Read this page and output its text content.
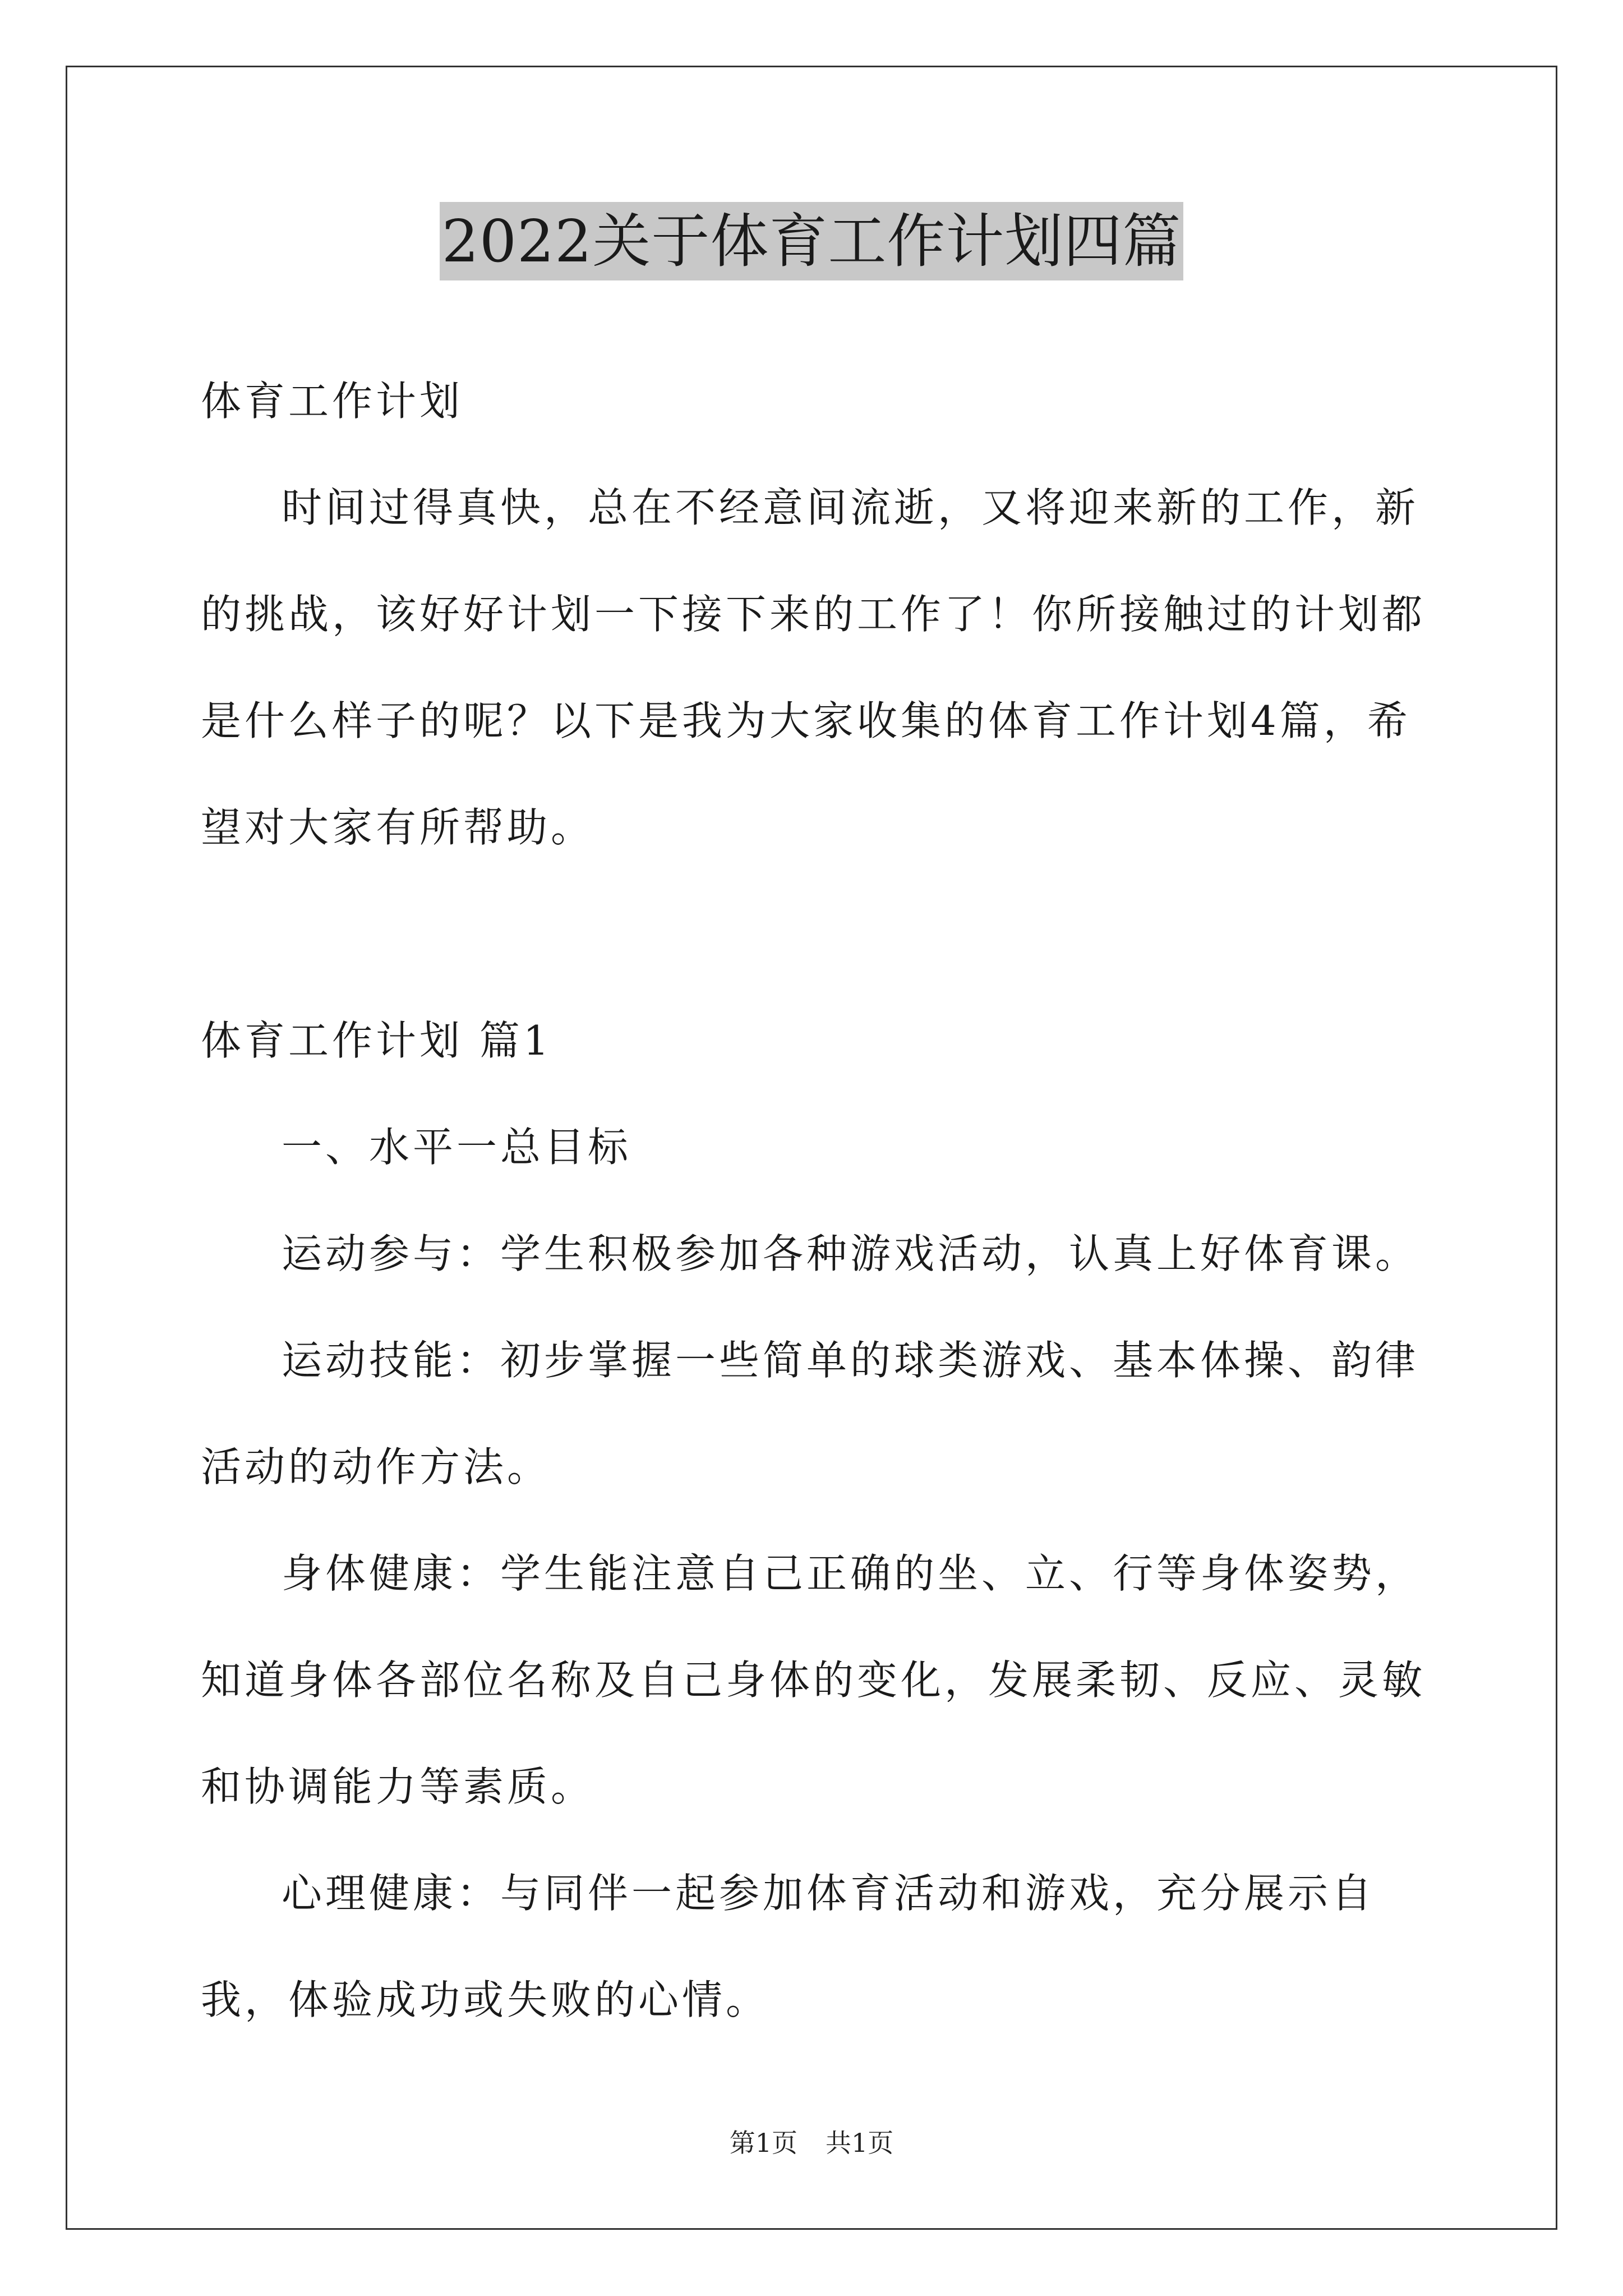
2022关于体育工作计划四篇

体育工作计划

时间过得真快，总在不经意间流逝，又将迎来新的工作，新的挑战，该好好计划一下接下来的工作了！你所接触过的计划都是什么样子的呢？以下是我为大家收集的体育工作计划4篇，希望对大家有所帮助。

体育工作计划 篇1

一、水平一总目标

运动参与：学生积极参加各种游戏活动，认真上好体育课。

运动技能：初步掌握一些简单的球类游戏、基本体操、韵律活动的动作方法。

身体健康：学生能注意自己正确的坐、立、行等身体姿势，知道身体各部位名称及自己身体的变化，发展柔韧、反应、灵敏和协调能力等素质。

心理健康：与同伴一起参加体育活动和游戏，充分展示自我，体验成功或失败的心情。

第1页 共1页
